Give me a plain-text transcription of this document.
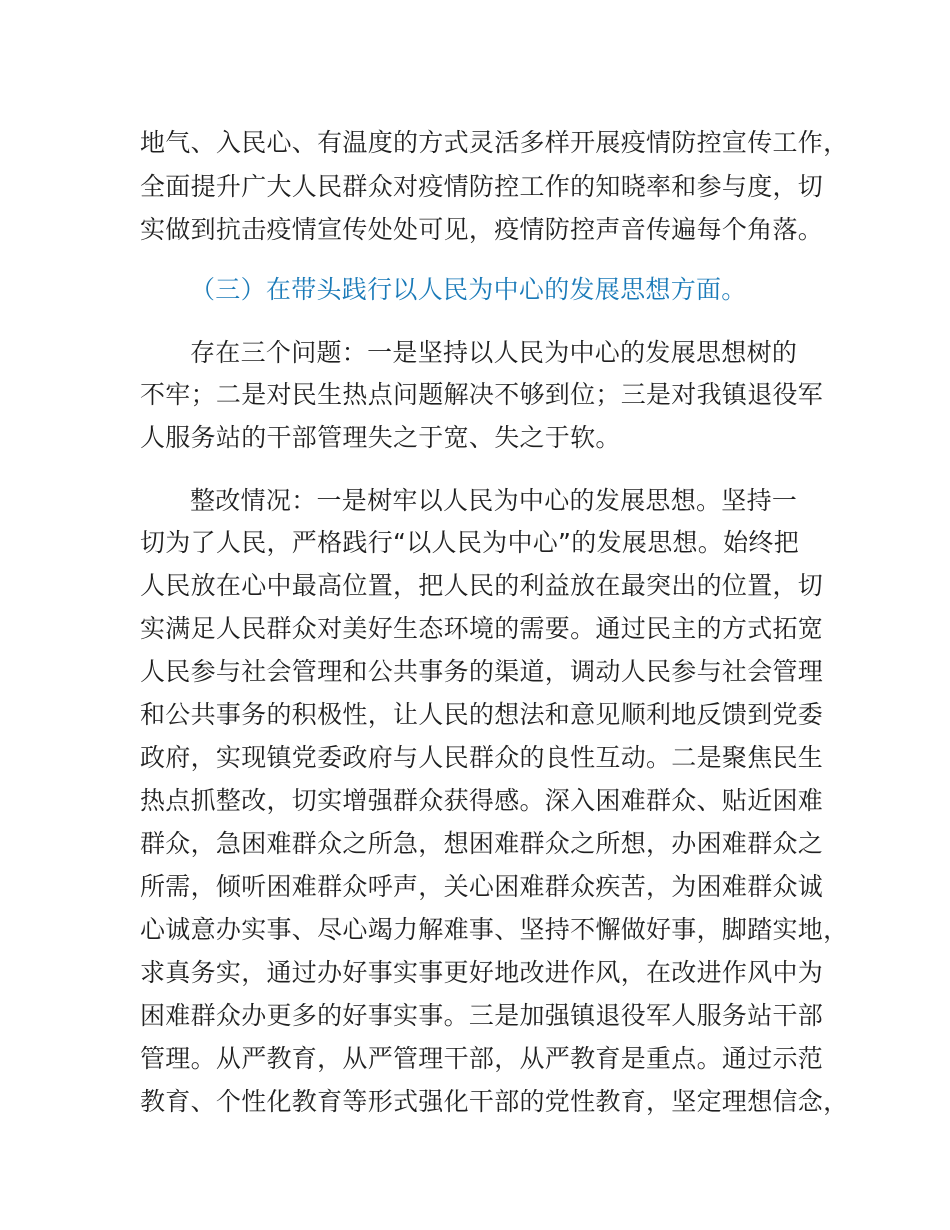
地气、入民心、有温度的方式灵活多样开展疫情防控宣传工作，
全面提升广大人民群众对疫情防控工作的知晓率和参与度，切
实做到抗击疫情宣传处处可见，疫情防控声音传遍每个角落。
（三）在带头践行以人民为中心的发展思想方面。
存在三个问题：一是坚持以人民为中心的发展思想树的
不牢；二是对民生热点问题解决不够到位；三是对我镇退役军
人服务站的干部管理失之于宽、失之于软。
整改情况：一是树牢以人民为中心的发展思想。坚持一
切为了人民，严格践行“以人民为中心”的发展思想。始终把
人民放在心中最高位置，把人民的利益放在最突出的位置，切
实满足人民群众对美好生态环境的需要。通过民主的方式拓宽
人民参与社会管理和公共事务的渠道，调动人民参与社会管理
和公共事务的积极性，让人民的想法和意见顺利地反馈到党委
政府，实现镇党委政府与人民群众的良性互动。二是聚焦民生
热点抓整改，切实增强群众获得感。深入困难群众、贴近困难
群众，急困难群众之所急，想困难群众之所想，办困难群众之
所需，倾听困难群众呼声，关心困难群众疾苦，为困难群众诚
心诚意办实事、尽心竭力解难事、坚持不懈做好事，脚踏实地，
求真务实，通过办好事实事更好地改进作风，在改进作风中为
困难群众办更多的好事实事。三是加强镇退役军人服务站干部
管理。从严教育，从严管理干部，从严教育是重点。通过示范
教育、个性化教育等形式强化干部的党性教育，坚定理想信念，
